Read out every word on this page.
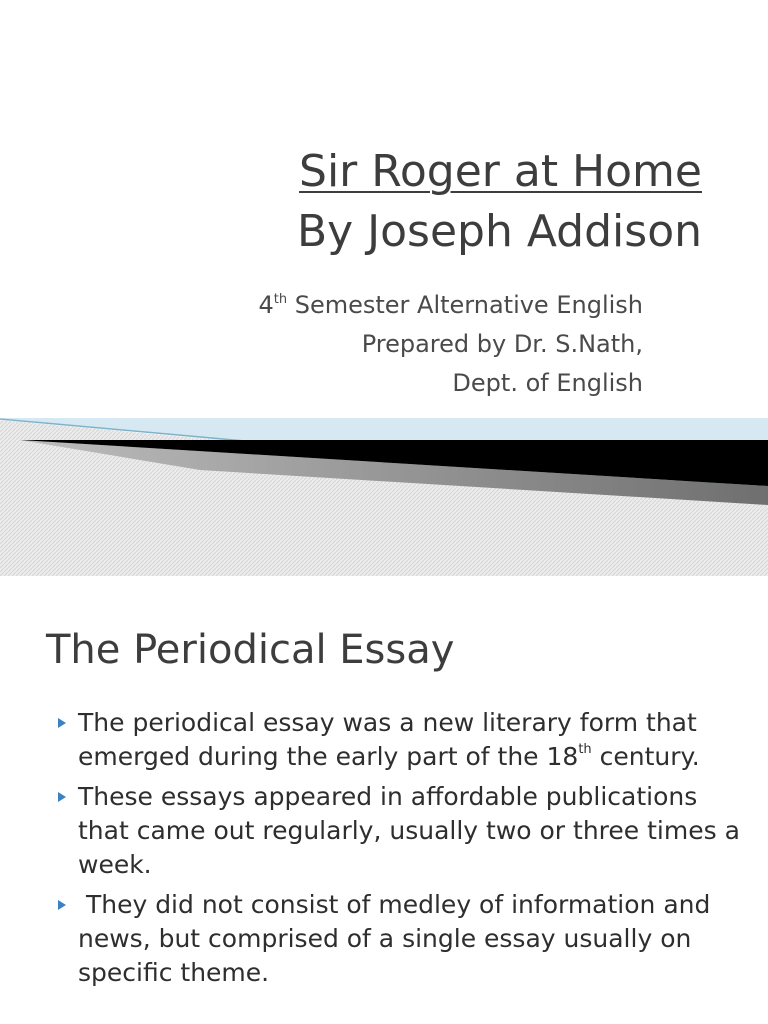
Sir Roger at Home
By Joseph Addison
4th Semester Alternative English
Prepared by Dr. S.Nath,
Dept. of English
The Periodical Essay
The periodical essay was a new literary form that emerged during the early part of the 18th century.
These essays appeared in affordable publications that came out regularly, usually two or three times a week.
They did not consist of medley of information and news, but comprised of a single essay usually on specific theme.
